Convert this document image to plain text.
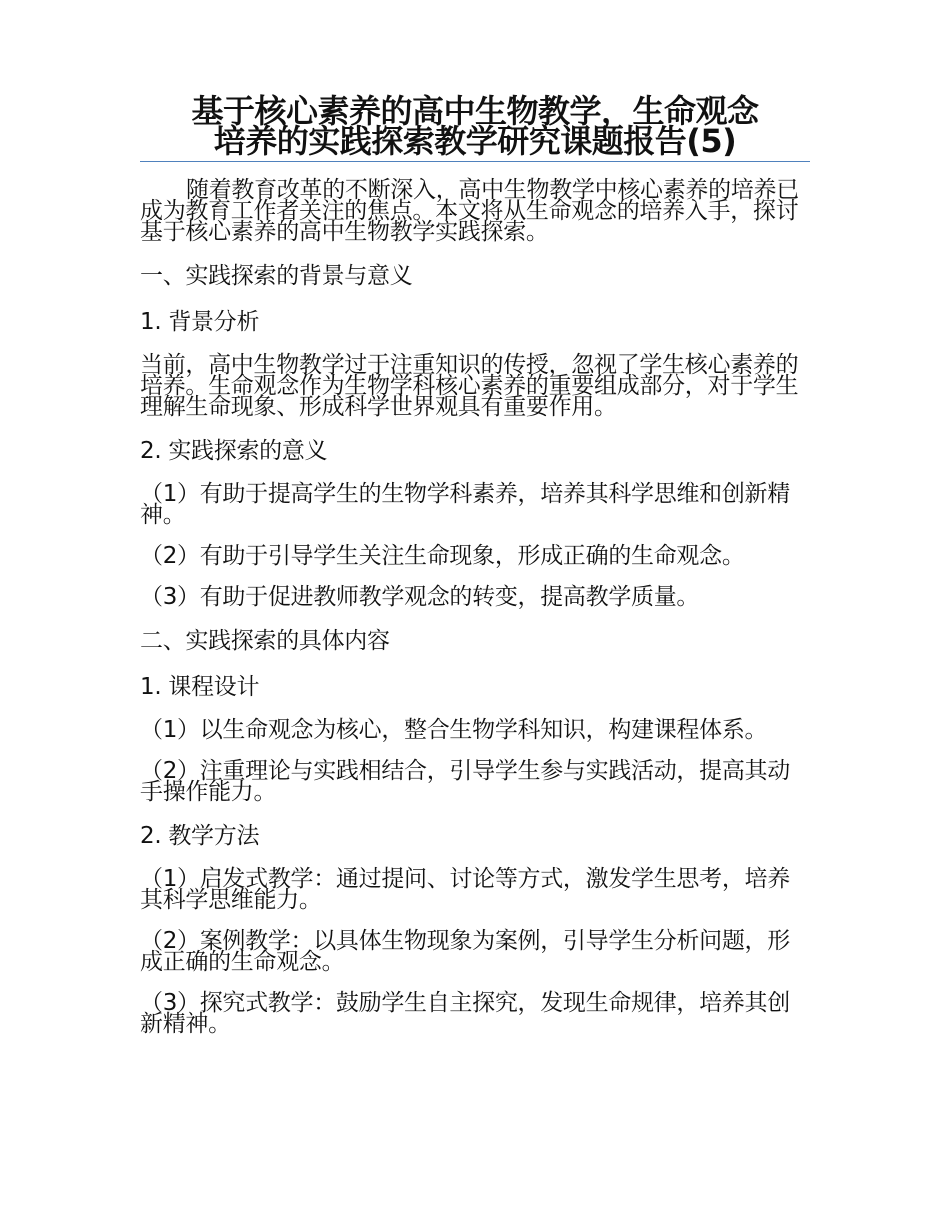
基于核心素养的高中生物教学，生命观念
培养的实践探索教学研究课题报告(5)

随着教育改革的不断深入，高中生物教学中核心素养的培养已成为教育工作者关注的焦点。本文将从生命观念的培养入手，探讨基于核心素养的高中生物教学实践探索。

一、实践探索的背景与意义

1. 背景分析

当前，高中生物教学过于注重知识的传授，忽视了学生核心素养的培养。生命观念作为生物学科核心素养的重要组成部分，对于学生理解生命现象、形成科学世界观具有重要作用。

2. 实践探索的意义

（1）有助于提高学生的生物学科素养，培养其科学思维和创新精神。

（2）有助于引导学生关注生命现象，形成正确的生命观念。

（3）有助于促进教师教学观念的转变，提高教学质量。

二、实践探索的具体内容

1. 课程设计

（1）以生命观念为核心，整合生物学科知识，构建课程体系。

（2）注重理论与实践相结合，引导学生参与实践活动，提高其动手操作能力。

2. 教学方法

（1）启发式教学：通过提问、讨论等方式，激发学生思考，培养其科学思维能力。

（2）案例教学：以具体生物现象为案例，引导学生分析问题，形成正确的生命观念。

（3）探究式教学：鼓励学生自主探究，发现生命规律，培养其创新精神。
